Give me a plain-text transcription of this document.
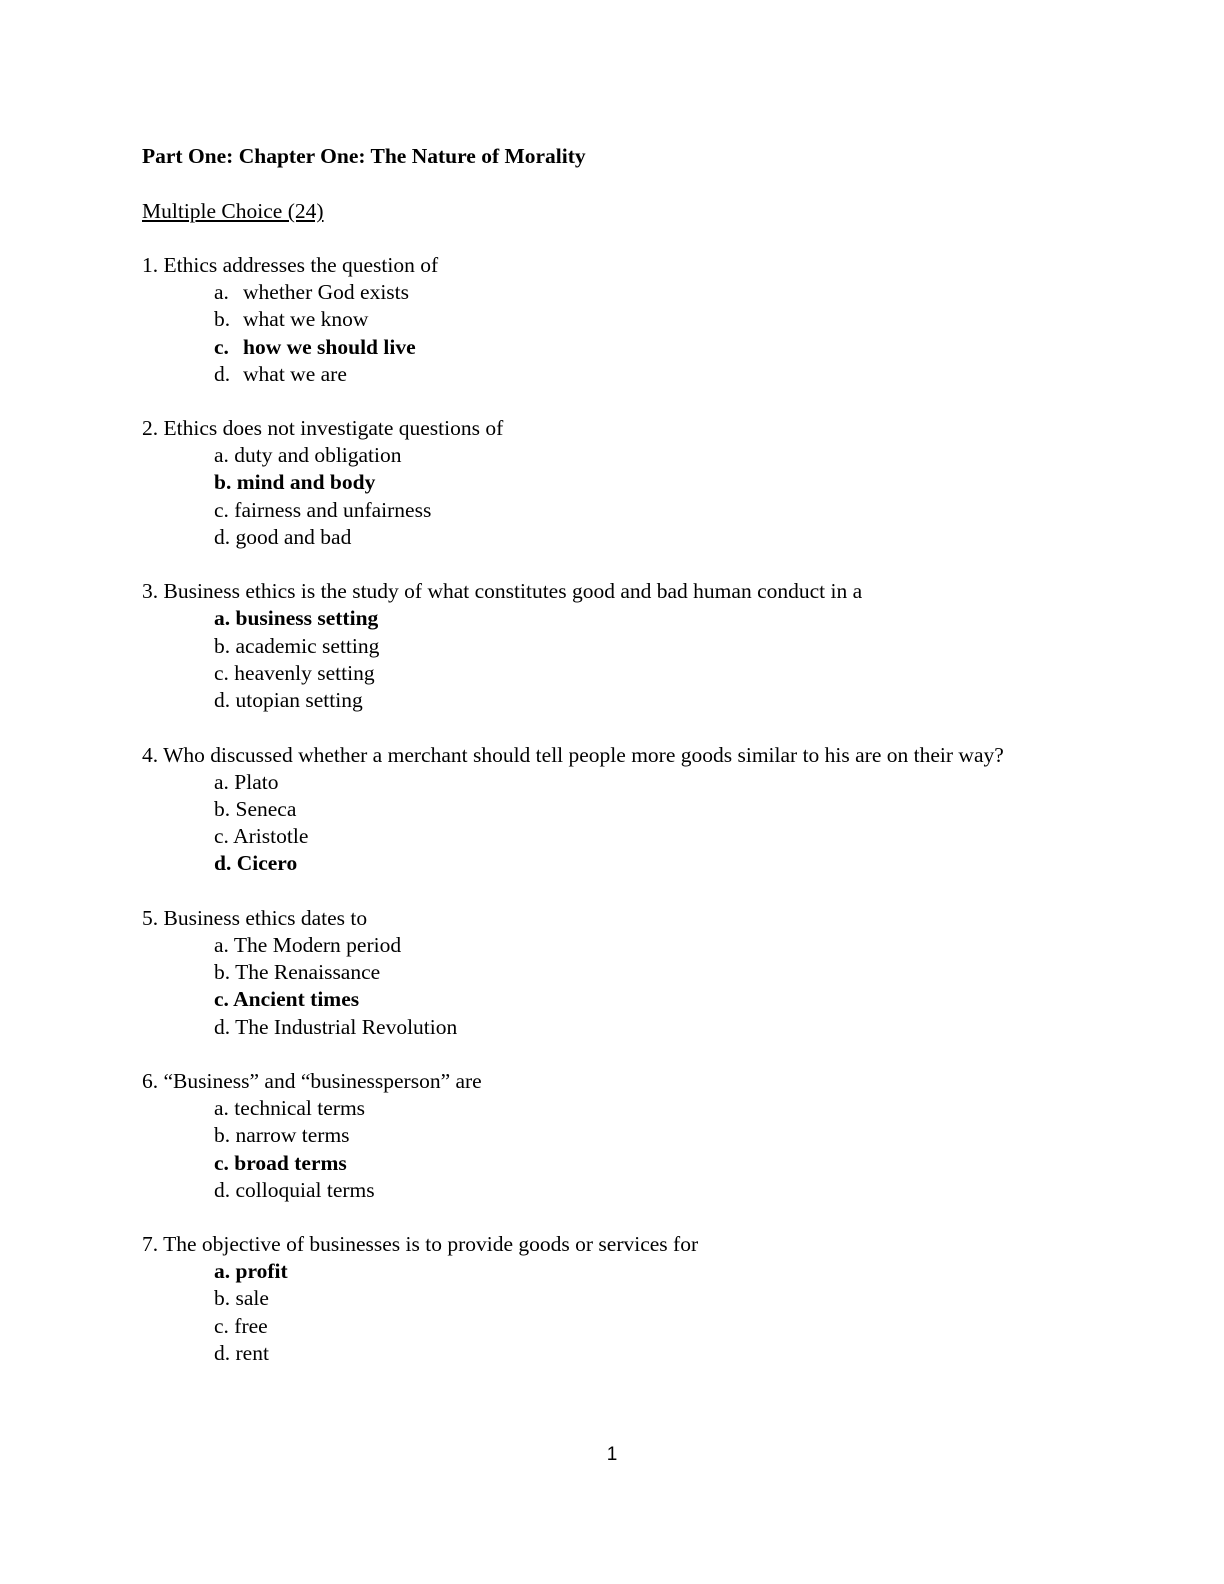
Part One: Chapter One: The Nature of Morality

Multiple Choice (24)

1. Ethics addresses the question of

a. whether God exists
b. what we know
c. how we should live
d. what we are

2. Ethics does not investigate questions of

a. duty and obligation
b. mind and body
c. fairness and unfairness
d. good and bad

3. Business ethics is the study of what constitutes good and bad human conduct in a

a. business setting
b. academic setting
c. heavenly setting
d. utopian setting

4. Who discussed whether a merchant should tell people more goods similar to his are on their way?

a. Plato
b. Seneca
c. Aristotle
d. Cicero

5. Business ethics dates to

a. The Modern period
b. The Renaissance
c. Ancient times
d. The Industrial Revolution

6. “Business” and “businessperson” are

a. technical terms
b. narrow terms
c. broad terms
d. colloquial terms

7. The objective of businesses is to provide goods or services for

a. profit
b. sale
c. free
d. rent
1
